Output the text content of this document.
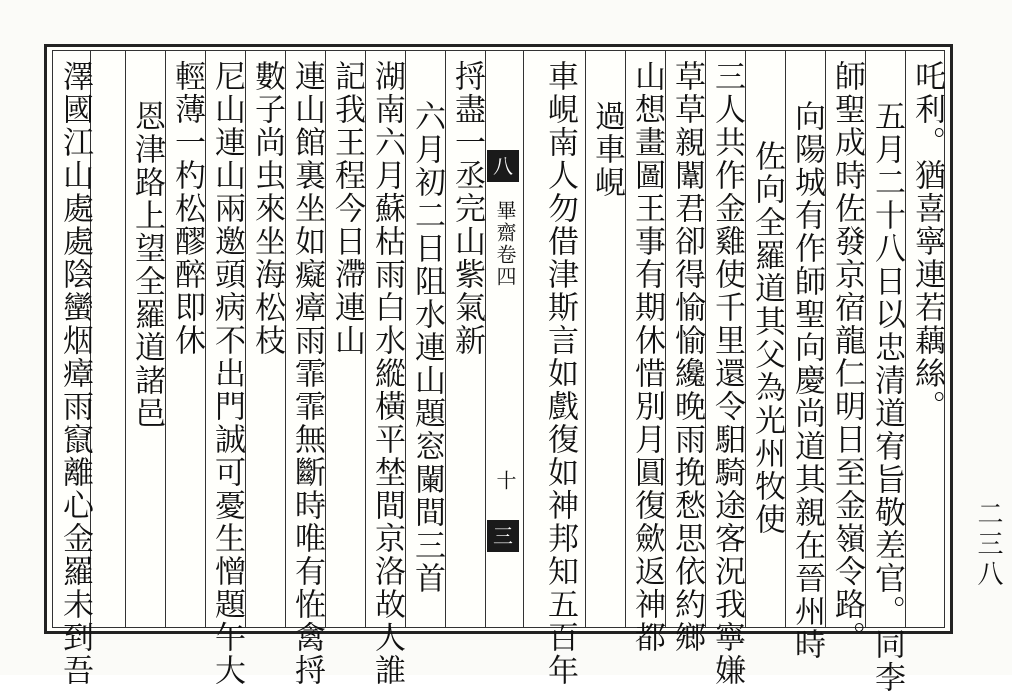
吒利。猶喜寧連若藕絲。
五月二十八日以忠清道宥旨敬差官。同李
師聖成時佐發京宿龍仁明日至金嶺令路。
向陽城有作師聖向慶尚道其親在晉州時
佐向全羅道其父為光州牧使
三人共作金雞使千里還令馹騎途客況我寧嫌
草草親闈君卻得愉愉纔晚雨挽愁思依約鄉
山想畫圖王事有期休惜別月圓復歛返神都
過車峴
車峴南人勿借津斯言如戲復如神邦知五百年
八
畢齋卷四
十
三
捋盡一丞完山紫氣新
六月初二日阻水連山題窓闌間三首
湖南六月蘇枯雨白水縱橫平埜間京洛故人誰
記我王程今日滯連山
連山館裏坐如癡瘴雨霏霏無斷時唯有恠禽捋
數子尚虫來坐海松枝
尼山連山兩邀頭病不出門誠可憂生憎題午大
輕薄一杓松醪醉即休
恩津路上望全羅道諸邑
澤國江山處處陰蠻烟瘴雨竄離心金羅未到吾	二三八
